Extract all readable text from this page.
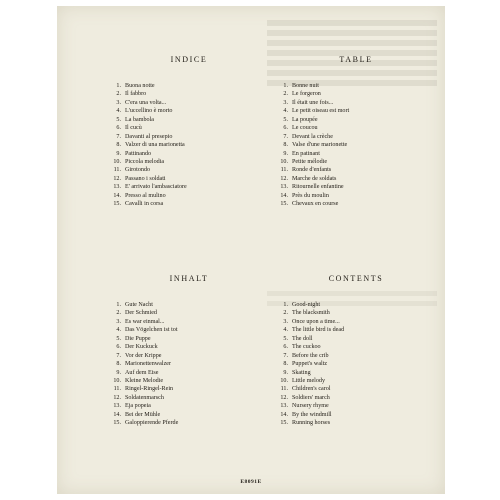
INDICE
1. Buona notte
2. Il fabbro
3. C'era una volta...
4. L'uccellino è morto
5. La bambola
6. Il cucù
7. Davanti al presepio
8. Valzer di una marionetta
9. Pattinando
10. Piccola melodia
11. Girotondo
12. Passano i soldati
13. E' arrivato l'ambasciatore
14. Presso al mulino
15. Cavalli in corsa
TABLE
1. Bonne nuit
2. Le forgeron
3. Il était une fois...
4. Le petit oiseau est mort
5. La poupée
6. Le coucou
7. Devant la crèche
8. Valse d'une marionette
9. En patinant
10. Petite mélodie
11. Ronde d'enfants
12. Marche de soldats
13. Ritournelle enfantine
14. Près du moulin
15. Chevaux en course
INHALT
1. Gute Nacht
2. Der Schmied
3. Es war einmal...
4. Das Vögelchen ist tot
5. Die Puppe
6. Der Kuckuck
7. Vor der Krippe
8. Marionettenwalzer
9. Auf dem Eise
10. Kleine Melodie
11. Ringel-Ringel-Rein
12. Soldatenmarsch
13. Eja popeia
14. Bei der Mühle
15. Galoppierende Pferde
CONTENTS
1. Good-night
2. The blacksmith
3. Once upon a time...
4. The little bird is dead
5. The doll
6. The cuckoo
7. Before the crib
8. Puppet's waltz
9. Skating
10. Little melody
11. Children's carol
12. Soldiers' march
13. Nursery rhyme
14. By the windmill
15. Running horses
E8091E
